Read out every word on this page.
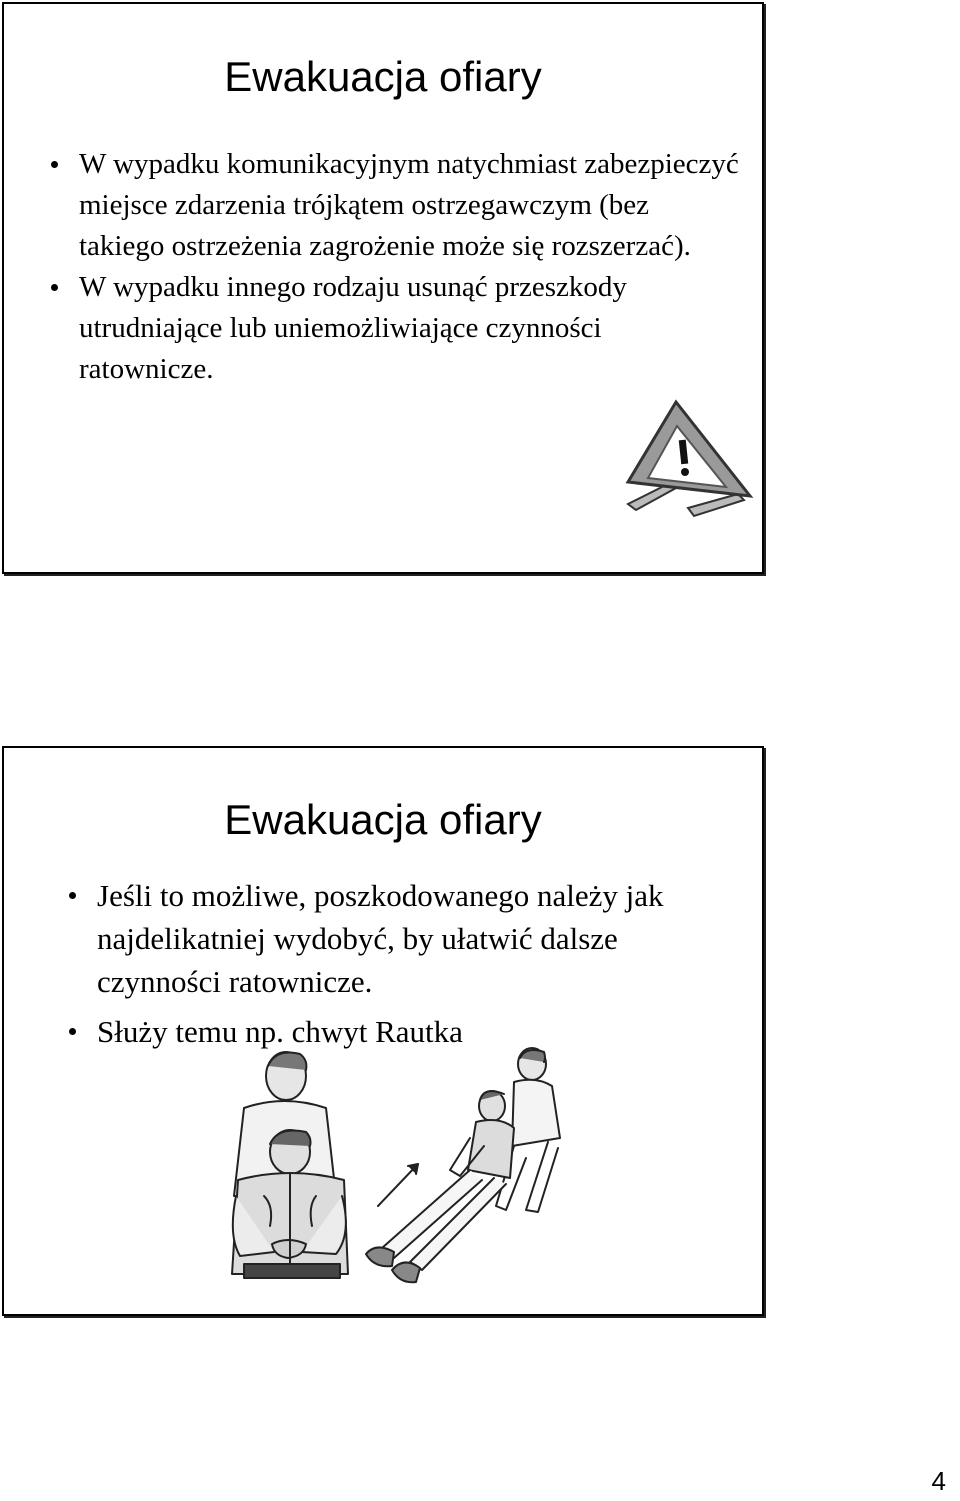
Ewakuacja ofiary
W wypadku komunikacyjnym natychmiast zabezpieczyć miejsce zdarzenia trójkątem ostrzegawczym (bez takiego ostrzeżenia zagrożenie może się rozszerzać).
W wypadku innego rodzaju usunąć przeszkody utrudniające lub uniemożliwiające czynności ratownicze.
Ewakuacja ofiary
Jeśli to możliwe, poszkodowanego należy jak najdelikatniej wydobyć, by ułatwić dalsze czynności ratownicze.
Służy temu np. chwyt Rautka
4
